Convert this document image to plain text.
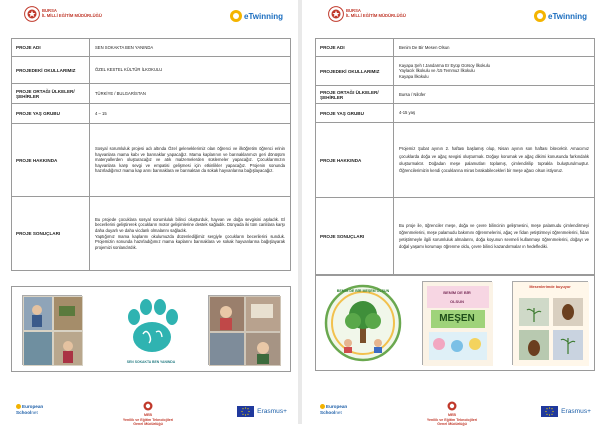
BURSA
İL MİLLİ EĞİTİM MÜDÜRLÜĞÜ	eTwinning
PROJE ADI	SEN SOKAKTA BEN YANINDA
PROJEDEKİ OKULLARIMIZ	ÖZEL KESTEL KÜLTÜR İLKOKULU
PROJE ORTAĞI ÜLKELER/ŞEHİRLER	TÜRKİYE / BULGARİSTAN
PROJE YAŞ GRUBU	4 – 15
PROJE HAKKINDA	Sosyal sorumluluk projesi adı altında Özel geleneklerimiz olan öğrenci ve ilköğretim öğrenci erinin hayvanlara mama kabı ve barınaklar yapacağız. Mama kaplarının ve barınaklarımızı geri dönüşüm materyallerden oluşturacağız ve atık malzemelerden süslemeler yapacağız. Çocuklarımızın hayvanlara karşı sevgi ve empatisi gelişmesi için etkinlikler yapacağız. Projenin sonunda hazırladığımız mama kap arını barınaklara ve barınaktan da sokak hayvanlarına bağışlayacağız.
PROJE SONUÇLARI	Bu projede çocuklara sosyal sorumluluk bilinci oluşturduk, hayvan ve doğa sevgisini aşıladık. El becerilerini geliştirerek çocukların motor gelişimlerine destek sağladık. Dünyada iki tüm canlılara karşı daha duyarlı ve daha vicdanlı olmalarını sağladık.
Yaptığımız mama kaplarını okulumuzda düzenlediğimiz sergiyle çocukların becerilerini sunduk. Projemizin sonunda hazırladığımız mama kaplarını barınaklara ve sokak hayvanlarına bağışlayarak projemizi sonlandırdık.
SEN SOKAKTA BEN YANINDA
European
Schoolnet
MEB
Yenilik ve Eğitim Teknolojileri
Genel Müdürlüğü
Erasmus+
BURSA
İL MİLLİ EĞİTİM MÜDÜRLÜĞÜ	eTwinning
PROJE ADI	Benim De Bir Mesen Olsun
PROJEDEKİ OKULLARIMIZ	Kayapa Şeh t Jandarma Er Eyüp Gürsoy İlkokulu
Yaylacık İlkokulu ve /15 Temmuz İlkokulu
Kayapa İlkokulu
PROJE ORTAĞI ÜLKELER/ŞEHİRLER	Bursa / Nilüfer
PROJE YAŞ GRUBU	4-15 yaş
PROJE HAKKINDA	Projemiz Şubat ayının 2. haftası başlamış olup, Nisan ayının son haftası bitecektir. Amacımız çocuklarda doğa ve ağaç sevgisi oluşturmak. Doğayı korumak ve ağaç dikimi konusunda farkındalık oluşturmaktır. Doğadan meşe palamutları toplamış, çimlendirilip toprakla buluşturulmuştur. Öğrencilerimizin kendi çocuklarına miras bırakabilecekleri bir meşe ağacı olsun istiyoruz.
PROJE SONUÇLARI	Bu proje ile, öğrenciler meşe, doğa ve çevre bilincinin gelişmesini, meşe palamudu çimlendirmeyi öğrenmelerini, meşe palamudu bakımını öğrenmelerini, ağaç ve fidan yetiştirmeyi öğrenmelerini, fidan yetiştirmeyle ilgili sorumluluk almalarını, doğa koyunun sevmeli kullanmayı öğrenmelerini, doğayı ve doğal yaşamı korumayı öğrenme oldu, çevre bilinci kazandırmalar ın hedeflediki.
BENİM DE BİR MEŞEM OLSUN	BENİM DE BİR
MEŞEN
OLSUN
Mesenlerimde buyuyor
European
Schoolnet
MEB
Yenilik ve Eğitim Teknolojileri
Genel Müdürlüğü
Erasmus+
